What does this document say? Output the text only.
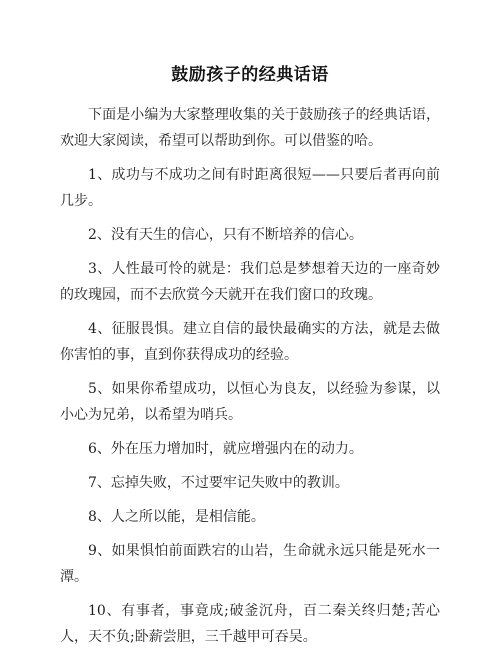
鼓励孩子的经典话语

下面是小编为大家整理收集的关于鼓励孩子的经典话语，欢迎大家阅读，希望可以帮助到你。可以借鉴的哈。

1、成功与不成功之间有时距离很短——只要后者再向前几步。

2、没有天生的信心，只有不断培养的信心。

3、人性最可怜的就是：我们总是梦想着天边的一座奇妙的玫瑰园，而不去欣赏今天就开在我们窗口的玫瑰。

4、征服畏惧。建立自信的最快最确实的方法，就是去做你害怕的事，直到你获得成功的经验。

5、如果你希望成功，以恒心为良友，以经验为参谋，以小心为兄弟，以希望为哨兵。

6、外在压力增加时，就应增强内在的动力。

7、忘掉失败，不过要牢记失败中的教训。

8、人之所以能，是相信能。

9、如果惧怕前面跌宕的山岩，生命就永远只能是死水一潭。

10、有事者，事竟成;破釜沉舟，百二秦关终归楚;苦心人，天不负;卧薪尝胆，三千越甲可吞吴。
